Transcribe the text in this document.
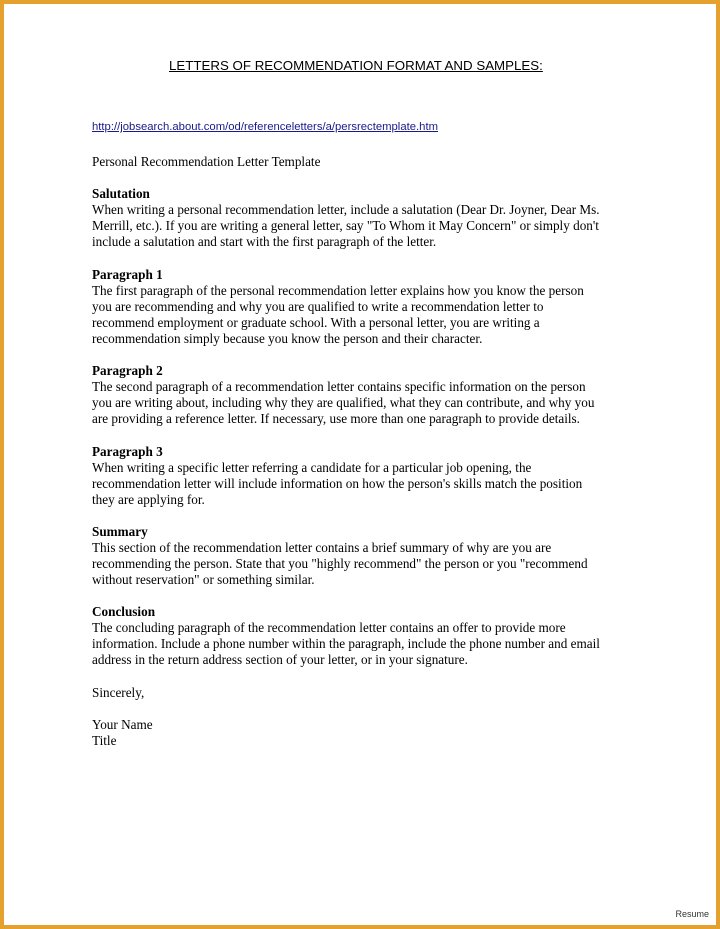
LETTERS OF RECOMMENDATION FORMAT AND SAMPLES:
http://jobsearch.about.com/od/referenceletters/a/persrectemplate.htm
Personal Recommendation Letter Template
Salutation
When writing a personal recommendation letter, include a salutation (Dear Dr. Joyner, Dear Ms.
Merrill, etc.). If you are writing a general letter, say "To Whom it May Concern" or simply don't
include a salutation and start with the first paragraph of the letter.
Paragraph 1
The first paragraph of the personal recommendation letter explains how you know the person
you are recommending and why you are qualified to write a recommendation letter to
recommend employment or graduate school. With a personal letter, you are writing a
recommendation simply because you know the person and their character.
Paragraph 2
The second paragraph of a recommendation letter contains specific information on the person
you are writing about, including why they are qualified, what they can contribute, and why you
are providing a reference letter. If necessary, use more than one paragraph to provide details.
Paragraph 3
When writing a specific letter referring a candidate for a particular job opening, the
recommendation letter will include information on how the person's skills match the position
they are applying for.
Summary
This section of the recommendation letter contains a brief summary of why are you are
recommending the person. State that you "highly recommend" the person or you "recommend
without reservation" or something similar.
Conclusion
The concluding paragraph of the recommendation letter contains an offer to provide more
information. Include a phone number within the paragraph, include the phone number and email
address in the return address section of your letter, or in your signature.
Sincerely,
Your Name
Title
Resume
